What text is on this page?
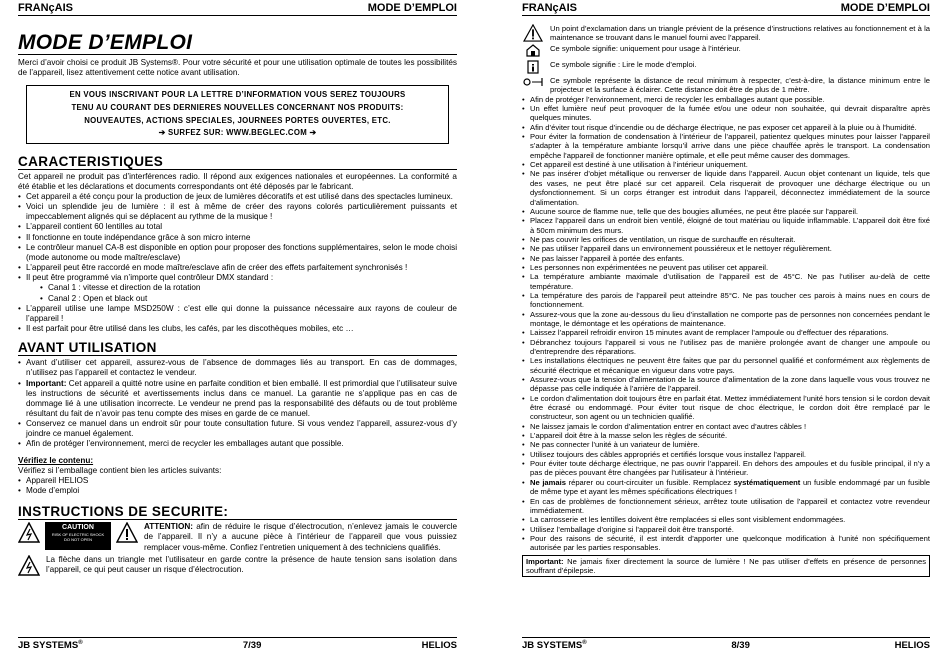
FRANçAIS	MODE D’EMPLOI
MODE D’EMPLOI

Merci d’avoir choisi ce produit JB Systems®. Pour votre sécurité et pour une utilisation optimale de toutes les possibilités de l’appareil, lisez attentivement cette notice avant utilisation.

EN VOUS INSCRIVANT POUR LA LETTRE D’INFORMATION VOUS SEREZ TOUJOURS
TENU AU COURANT DES DERNIERES NOUVELLES CONCERNANT NOS PRODUITS:
NOUVEAUTES, ACTIONS SPECIALES, JOURNEES PORTES OUVERTES, ETC.
➔ SURFEZ SUR: WWW.BEGLEC.COM ➔
CARACTERISTIQUES

Cet appareil ne produit pas d’interférences radio. Il répond aux exigences nationales et européennes. La conformité a été établie et les déclarations et documents correspondants ont été déposés par le fabricant.

• Cet appareil a été conçu pour la production de jeux de lumières décoratifs et est utilisé dans des spectacles lumineux.
• Voici un splendide jeu de lumière : il est à même de créer des rayons colorés particulièrement puissants et impeccablement alignés qui se déplacent au rythme de la musique !
• L’appareil contient 60 lentilles au total
• Il fonctionne en toute indépendance grâce à son micro interne
• Le contrôleur manuel CA-8 est disponible en option pour proposer des fonctions supplémentaires, selon le mode choisi (mode autonome ou mode maître/esclave)
• L’appareil peut être raccordé en mode maître/esclave afin de créer des effets parfaitement synchronisés !
• Il peut être programmé via n’importe quel contrôleur DMX standard :
• Canal 1 : vitesse et direction de la rotation
• Canal 2 : Open et black out
• L’appareil utilise une lampe MSD250W : c’est elle qui donne la puissance nécessaire aux rayons de couleur de l’appareil !
• Il est parfait pour être utilisé dans les clubs, les cafés, par les discothèques mobiles, etc …
AVANT UTILISATION
• Avant d’utiliser cet appareil, assurez-vous de l’absence de dommages liés au transport. En cas de dommages, n’utilisez pas l’appareil et contactez le vendeur.
• Important: Cet appareil a quitté notre usine en parfaite condition et bien emballé. Il est primordial que l’utilisateur suive les instructions de sécurité et avertissements inclus dans ce manuel. La garantie ne s’applique pas en cas de dommage lié à une utilisation incorrecte. Le vendeur ne prend pas la responsabilité des défauts ou de tout problème résultant du fait de n’avoir pas tenu compte des mises en garde de ce manuel.
• Conservez ce manuel dans un endroit sûr pour toute consultation future. Si vous vendez l’appareil, assurez-vous d’y joindre ce manuel également.
• Afin de protéger l’environnement, merci de recycler les emballages autant que possible.
Vérifiez le contenu:
Vérifiez si l’emballage contient bien les articles suivants:
• Appareil HELIOS
• Mode d’emploi
INSTRUCTIONS DE SECURITE:
CAUTION
RISK OF ELECTRIC SHOCK
DO NOT OPEN

ATTENTION: afin de réduire le risque d’électrocution, n’enlevez jamais le couvercle de l’appareil. Il n’y a aucune pièce à l’intérieur de l’appareil que vous puissiez remplacer vous-même. Confiez l’entretien uniquement à des techniciens qualifiés.

La flèche dans un triangle met l’utilisateur en garde contre la présence de haute tension sans isolation dans l’appareil, ce qui peut causer un risque d’électrocution.

JB SYSTEMS®	7/39	HELIOS
FRANçAIS	MODE D’EMPLOI
Un point d’exclamation dans un triangle prévient de la présence d’instructions relatives au fonctionnement et à la maintenance se trouvant dans le manuel fourni avec l’appareil.
Ce symbole signifie: uniquement pour usage à l’intérieur.
Ce symbole signifie : Lire le mode d’emploi.
Ce symbole représente la distance de recul minimum à respecter, c’est-à-dire, la distance minimum entre le projecteur et la surface à éclairer. Cette distance doit être de plus de 1 mètre.
• Afin de protéger l’environnement, merci de recycler les emballages autant que possible.
• Un effet lumière neuf peut provoquer de la fumée et/ou une odeur non souhaitée, qui devrait disparaître après quelques minutes.
• Afin d’éviter tout risque d’incendie ou de décharge électrique, ne pas exposer cet appareil à la pluie ou à l’humidité.
• Pour éviter la formation de condensation à l’intérieur de l’appareil, patientez quelques minutes pour laisser l’appareil s’adapter à la température ambiante lorsqu’il arrive dans une pièce chauffée après le transport. La condensation empêche l’appareil de fonctionner manière optimale, et elle peut même causer des dommages.
• Cet appareil est destiné à une utilisation à l’intérieur uniquement.
• Ne pas insérer d’objet métallique ou renverser de liquide dans l’appareil. Aucun objet contenant un liquide, tels que des vases, ne peut être placé sur cet appareil. Cela risquerait de provoquer une décharge électrique ou un dysfonctionnement. Si un corps étranger est introduit dans l’appareil, déconnectez immédiatement de la source d’alimentation.
• Aucune source de flamme nue, telle que des bougies allumées, ne peut être placée sur l’appareil.
• Placez l’appareil dans un endroit bien ventilé, éloigné de tout matériau ou liquide inflammable. L’appareil doit être fixé à 50cm minimum des murs.
• Ne pas couvrir les orifices de ventilation, un risque de surchauffe en résulterait.
• Ne pas utiliser l’appareil dans un environnement poussiéreux et le nettoyer régulièrement.
• Ne pas laisser l’appareil à portée des enfants.
• Les personnes non expérimentées ne peuvent pas utiliser cet appareil.
• La température ambiante maximale d’utilisation de l’appareil est de 45°C. Ne pas l’utiliser au-delà de cette température.
• La température des parois de l’appareil peut atteindre 85°C. Ne pas toucher ces parois à mains nues en cours de fonctionnement.
• Assurez-vous que la zone au-dessous du lieu d’installation ne comporte pas de personnes non concernées pendant le montage, le démontage et les opérations de maintenance.
• Laissez l’appareil refroidir environ 15 minutes avant de remplacer l’ampoule ou d’effectuer des réparations.
• Débranchez toujours l’appareil si vous ne l’utilisez pas de manière prolongée avant de changer une ampoule ou d’entreprendre des réparations.
• Les installations électriques ne peuvent être faites que par du personnel qualifié et conformément aux règlements de sécurité électrique et mécanique en vigueur dans votre pays.
• Assurez-vous que la tension d’alimentation de la source d’alimentation de la zone dans laquelle vous vous trouvez ne dépasse pas celle indiquée à l’arrière de l’appareil.
• Le cordon d’alimentation doit toujours être en parfait état. Mettez immédiatement l’unité hors tension si le cordon devait être écrasé ou endommagé. Pour éviter tout risque de choc électrique, le cordon doit être remplacé par le constructeur, son agent ou un technicien qualifié.
• Ne laissez jamais le cordon d’alimentation entrer en contact avec d’autres câbles !
• L’appareil doit être à la masse selon les règles de sécurité.
• Ne pas connecter l’unité à un variateur de lumière.
• Utilisez toujours des câbles appropriés et certifiés lorsque vous installez l’appareil.
• Pour éviter toute décharge électrique, ne pas ouvrir l’appareil. En dehors des ampoules et du fusible principal, il n’y a pas de pièces pouvant être changées par l’utilisateur à l’intérieur.
• Ne jamais réparer ou court-circuiter un fusible. Remplacez systématiquement un fusible endommagé par un fusible de même type et ayant les mêmes spécifications électriques !
• En cas de problèmes de fonctionnement sérieux, arrêtez toute utilisation de l’appareil et contactez votre revendeur immédiatement.
• La carrosserie et les lentilles doivent être remplacées si elles sont visiblement endommagées.
• Utilisez l’emballage d’origine si l’appareil doit être transporté.
• Pour des raisons de sécurité, il est interdit d’apporter une quelconque modification à l’unité non spécifiquement autorisée par les parties responsables.
Important: Ne jamais fixer directement la source de lumière ! Ne pas utiliser d’effets en présence de personnes souffrant d’épilepsie.
JB SYSTEMS®	8/39	HELIOS
